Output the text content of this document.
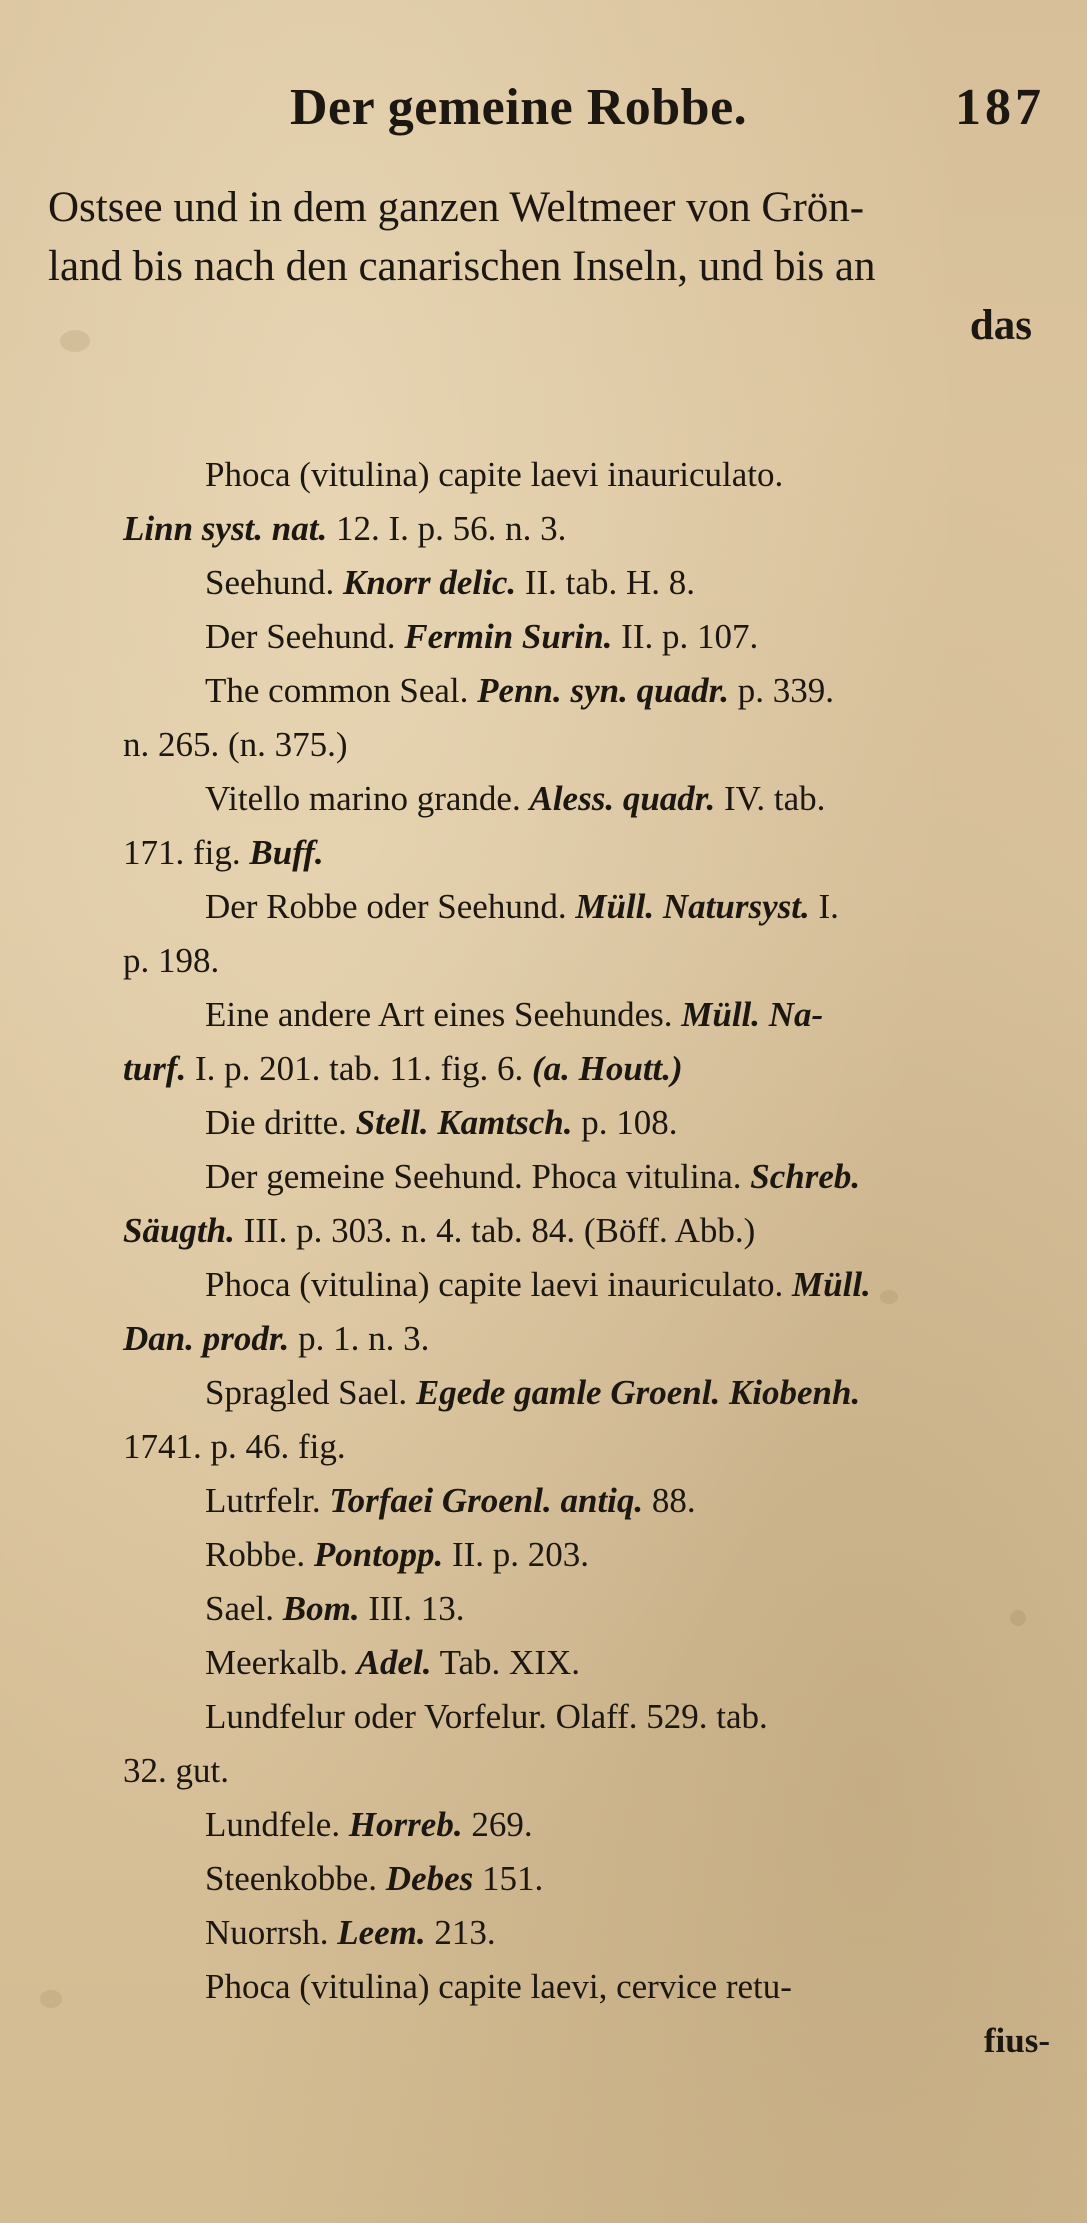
Der gemeine Robbe.	187
Ostsee und in dem ganzen Weltmeer von Grön-
land bis nach den canarischen Inseln, und bis an
das
Phoca (vitulina) capite laevi inauriculato.
Linn syst. nat. 12. I. p. 56. n. 3.
Seehund. Knorr delic. II. tab. H. 8.
Der Seehund. Fermin Surin. II. p. 107.
The common Seal. Penn. syn. quadr. p. 339.
n. 265. (n. 375.)
Vitello marino grande. Aless. quadr. IV. tab.
171. fig. Buff.
Der Robbe oder Seehund. Müll. Natursyst. I.
p. 198.
Eine andere Art eines Seehundes. Müll. Na-
turf. I. p. 201. tab. 11. fig. 6. (a. Houtt.)
Die dritte. Stell. Kamtsch. p. 108.
Der gemeine Seehund. Phoca vitulina. Schreb.
Säugth. III. p. 303. n. 4. tab. 84. (Böff. Abb.)
Phoca (vitulina) capite laevi inauriculato. Müll.
Dan. prodr. p. 1. n. 3.
Spragled Sael. Egede gamle Groenl. Kiobenh.
1741. p. 46. fig.
Lutrfelr. Torfaei Groenl. antiq. 88.
Robbe. Pontopp. II. p. 203.
Sael. Bom. III. 13.
Meerkalb. Adel. Tab. XIX.
Lundfelur oder Vorfelur. Olaff. 529. tab.
32. gut.
Lundfele. Horreb. 269.
Steenkobbe. Debes 151.
Nuorrsh. Leem. 213.
Phoca (vitulina) capite laevi, cervice retu-
fius-
